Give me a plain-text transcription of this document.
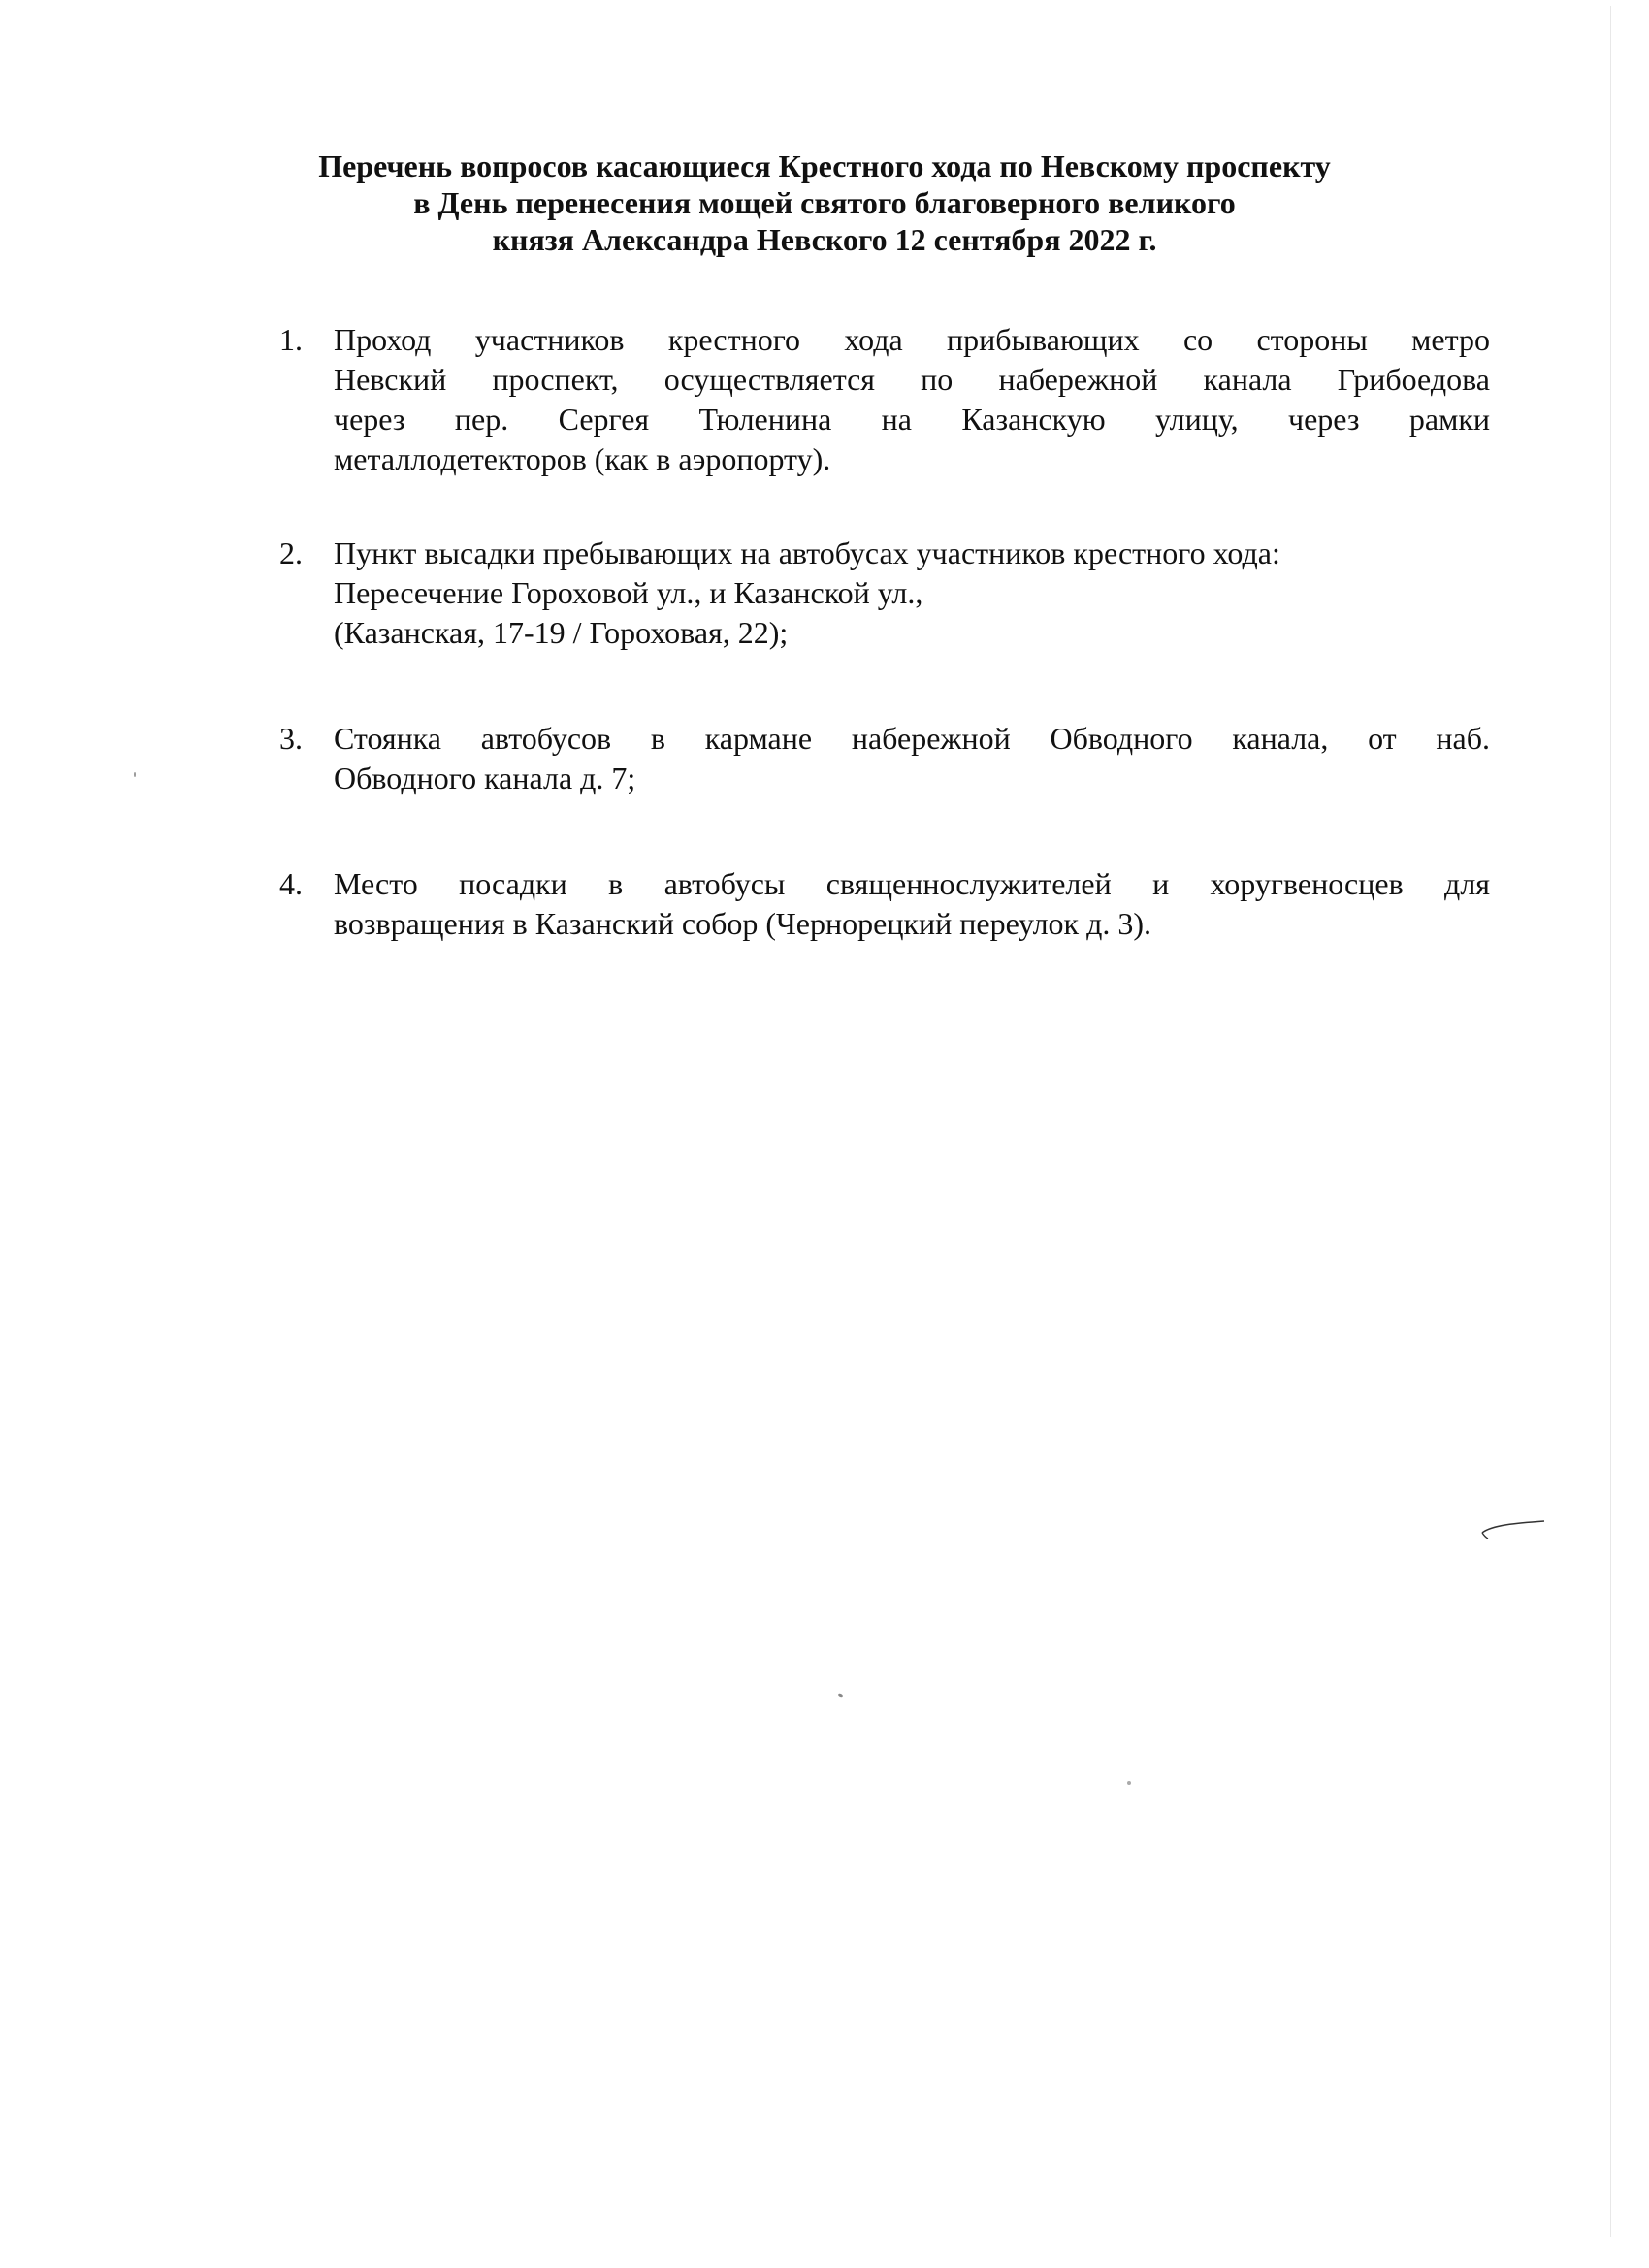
Перечень вопросов касающиеся Крестного хода по Невскому проспекту
в День перенесения мощей святого благоверного великого
князя Александра Невского 12 сентября 2022 г.
1. Проход участников крестного хода прибывающих со стороны метро
Невский проспект, осуществляется по набережной канала Грибоедова
через пер. Сергея Тюленина на Казанскую улицу, через рамки
металлодетекторов (как в аэропорту).
2. Пункт высадки пребывающих на автобусах участников крестного хода:
Пересечение Гороховой ул., и Казанской ул.,
(Казанская, 17-19 / Гороховая, 22);
3. Стоянка автобусов в кармане набережной Обводного канала, от наб.
Обводного канала д. 7;
4. Место посадки в автобусы священнослужителей и хоругвеносцев для
возвращения в Казанский собор (Чернорецкий переулок д. 3).
